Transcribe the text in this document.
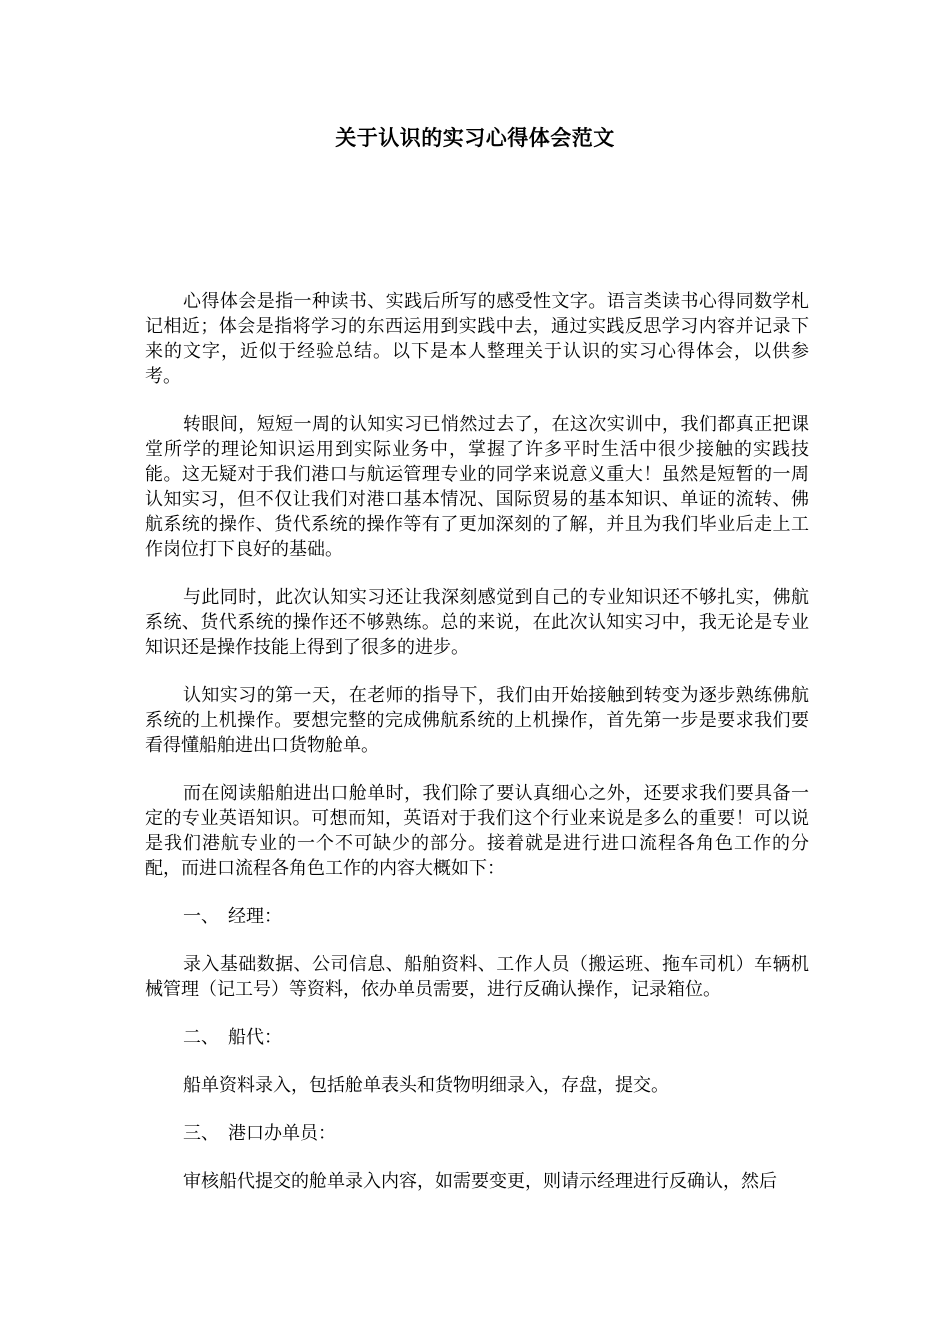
关于认识的实习心得体会范文

心得体会是指一种读书、实践后所写的感受性文字。语言类读书心得同数学札记相近；体会是指将学习的东西运用到实践中去，通过实践反思学习内容并记录下来的文字，近似于经验总结。以下是本人整理关于认识的实习心得体会，以供参考。

转眼间，短短一周的认知实习已悄然过去了，在这次实训中，我们都真正把课堂所学的理论知识运用到实际业务中，掌握了许多平时生活中很少接触的实践技能。这无疑对于我们港口与航运管理专业的同学来说意义重大！虽然是短暂的一周认知实习，但不仅让我们对港口基本情况、国际贸易的基本知识、单证的流转、佛航系统的操作、货代系统的操作等有了更加深刻的了解，并且为我们毕业后走上工作岗位打下良好的基础。

与此同时，此次认知实习还让我深刻感觉到自己的专业知识还不够扎实，佛航系统、货代系统的操作还不够熟练。总的来说，在此次认知实习中，我无论是专业知识还是操作技能上得到了很多的进步。

认知实习的第一天，在老师的指导下，我们由开始接触到转变为逐步熟练佛航系统的上机操作。要想完整的完成佛航系统的上机操作，首先第一步是要求我们要看得懂船舶进出口货物舱单。

而在阅读船舶进出口舱单时，我们除了要认真细心之外，还要求我们要具备一定的专业英语知识。可想而知，英语对于我们这个行业来说是多么的重要！可以说是我们港航专业的一个不可缺少的部分。接着就是进行进口流程各角色工作的分配，而进口流程各角色工作的内容大概如下：

一、　经理：

录入基础数据、公司信息、船舶资料、工作人员（搬运班、拖车司机）车辆机械管理（记工号）等资料，依办单员需要，进行反确认操作，记录箱位。

二、　船代：

船单资料录入，包括舱单表头和货物明细录入，存盘，提交。

三、　港口办单员：

审核船代提交的舱单录入内容，如需要变更，则请示经理进行反确认，然后
